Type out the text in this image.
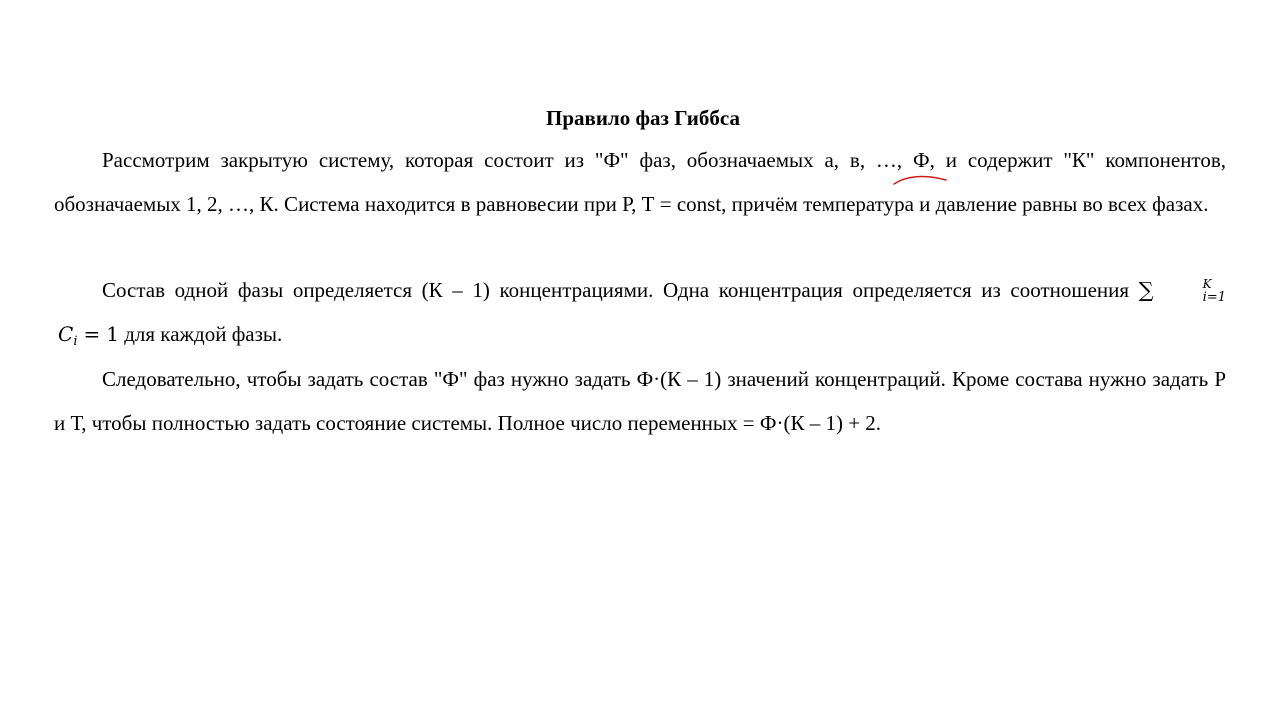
Правило фаз Гиббса

Рассмотрим закрытую систему, которая состоит из "Ф" фаз, обозначаемых а, в, …, Ф, и содержит "К" компонентов, обозначаемых 1, 2, …, К. Система находится в равновесии при Р, Т = const, причём температура и давление равны во всех фазах.

Состав одной фазы определяется (К – 1) концентрациями. Одна концентрация определяется из соотношения ∑	K
i=1
$C_i = 1$ для каждой фазы.

Следовательно, чтобы задать состав "Ф" фаз нужно задать Ф·(К – 1) значений концентраций. Кроме состава нужно задать Р и Т, чтобы полностью задать состояние системы. Полное число переменных = Ф·(К – 1) + 2.
